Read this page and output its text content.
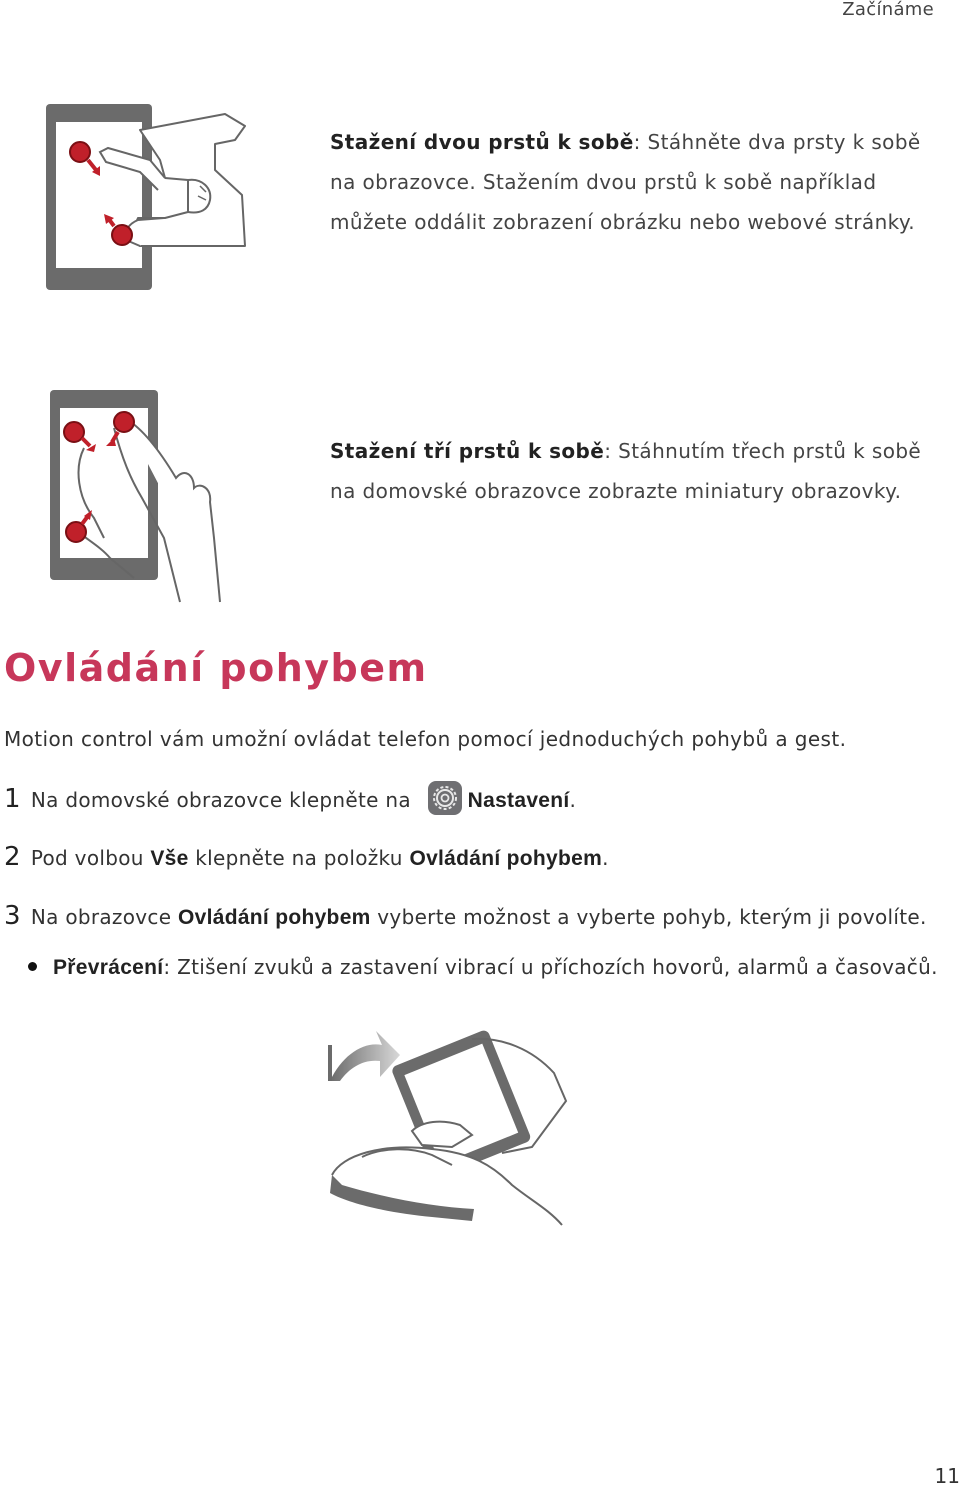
Začínáme
Stažení dvou prstů k sobě: Stáhněte dva prsty k sobě
na obrazovce. Stažením dvou prstů k sobě například
můžete oddálit zobrazení obrázku nebo webové stránky.
Stažení tří prstů k sobě: Stáhnutím třech prstů k sobě
na domovské obrazovce zobrazte miniatury obrazovky.
Ovládání pohybem
Motion control vám umožní ovládat telefon pomocí jednoduchých pohybů a gest.
1 Na domovské obrazovce klepněte na	Nastavení.
2 Pod volbou Vše klepněte na položku Ovládání pohybem.
3 Na obrazovce Ovládání pohybem vyberte možnost a vyberte pohyb, kterým ji povolíte.
Převrácení: Ztišení zvuků a zastavení vibrací u příchozích hovorů, alarmů a časovačů.
11
